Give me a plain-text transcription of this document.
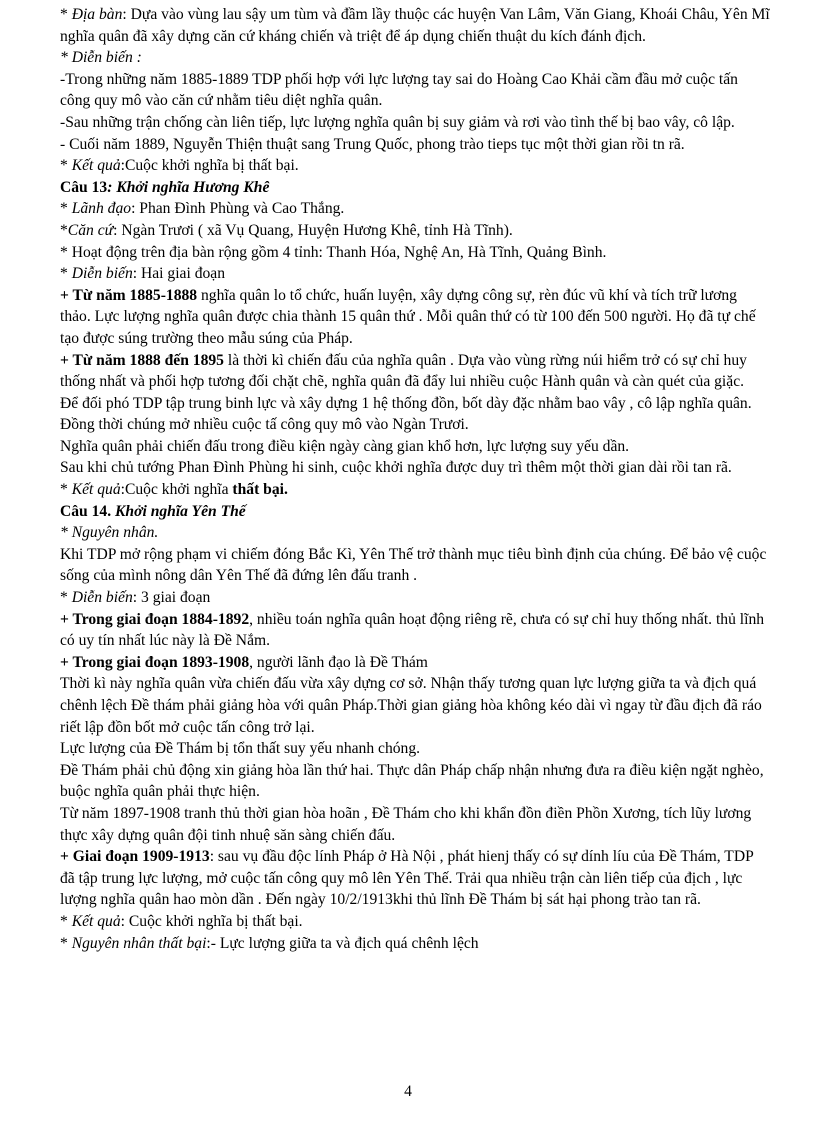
* Địa bàn: Dựa vào vùng lau sậy um tùm và đầm lầy thuộc các huyện Van Lâm, Văn Giang, Khoái Châu, Yên Mĩ nghĩa quân đã xây dựng căn cứ kháng chiến và triệt để áp dụng chiến thuật du kích đánh địch.

* Diễn biến :

-Trong những năm 1885-1889 TDP phối hợp với lực lượng tay sai do Hoàng Cao Khải cầm đầu mở cuộc tấn công quy mô vào căn cứ nhằm tiêu diệt nghĩa quân.

-Sau những trận chống càn liên tiếp, lực lượng nghĩa quân bị suy giảm và rơi vào tình thế bị bao vây, cô lập.

- Cuối năm 1889, Nguyễn Thiện thuật sang Trung Quốc, phong trào tieps tục một thời gian rồi tn rã.

* Kết quả:Cuộc khởi nghĩa bị thất bại.

Câu 13: Khởi nghĩa Hương Khê

* Lãnh đạo: Phan Đình Phùng và Cao Thắng.

*Căn cứ: Ngàn Trươi ( xã Vụ Quang, Huyện Hương Khê, tỉnh Hà Tĩnh).

* Hoạt động trên địa bàn rộng gồm 4 tỉnh: Thanh Hóa, Nghệ An, Hà Tĩnh, Quảng Bình.

* Diễn biến: Hai giai đoạn

+ Từ năm 1885-1888 nghĩa quân lo tổ chức, huấn luyện, xây dựng công sự, rèn đúc vũ khí và tích trữ lương thảo. Lực lượng nghĩa quân được chia thành 15 quân thứ . Mỗi quân thứ có từ 100 đến 500 người. Họ đã tự chế tạo được súng trường theo mẫu súng của Pháp.

+ Từ năm 1888 đến 1895 là thời kì chiến đấu của nghĩa quân . Dựa vào vùng rừng núi hiểm trở có sự chỉ huy thống nhất và phối hợp tương đối chặt chẽ, nghĩa quân đã đẩy lui nhiều cuộc Hành quân và càn quét của giặc.

Để đối phó TDP tập trung binh lực và xây dựng 1 hệ thống đồn, bốt dày đặc nhằm bao vây , cô lập nghĩa quân. Đồng thời chúng mở nhiều cuộc tấ công quy mô vào Ngàn Trươi.

Nghĩa quân phải chiến đấu trong điều kiện ngày càng gian khổ hơn, lực lượng suy yếu dần.

Sau khi chủ tướng Phan Đình Phùng hi sinh, cuộc khởi nghĩa được duy trì thêm một thời gian dài rồi tan rã.

* Kết quả:Cuộc khởi nghĩa thất bại.

Câu 14. Khởi nghĩa Yên Thế

* Nguyên nhân.

Khi TDP mở rộng phạm vi chiếm đóng Bắc Kì, Yên Thế trở thành mục tiêu bình định của chúng. Để bảo vệ cuộc sống của mình nông dân Yên Thế đã đứng lên đấu tranh .

* Diễn biến: 3 giai đoạn

+ Trong giai đoạn 1884-1892, nhiều toán nghĩa quân hoạt động riêng rẽ, chưa có sự chỉ huy thống nhất. thủ lĩnh có uy tín nhất lúc này là Đề Nắm.

+ Trong giai đoạn 1893-1908, người lãnh đạo là Đề Thám

Thời kì này nghĩa quân vừa chiến đấu vừa xây dựng cơ sở. Nhận thấy tương quan lực lượng giữa ta và địch quá chênh lệch Đề thám phải giảng hòa với quân Pháp.Thời gian giảng hòa không kéo dài vì ngay từ đầu địch đã ráo riết lập đồn bốt mở cuộc tấn công trở lại.

Lực lượng của Đề Thám bị tổn thất suy yếu nhanh chóng.

Đề Thám phải chủ động xin giảng hòa lần thứ hai. Thực dân Pháp chấp nhận nhưng đưa ra điều kiện ngặt nghèo, buộc nghĩa quân phải thực hiện.

Từ năm 1897-1908 tranh thủ thời gian hòa hoãn , Đề Thám cho khi khẩn đồn điền Phồn Xương, tích lũy lương thực xây dựng quân đội tinh nhuệ săn sàng chiến đấu.

+ Giai đoạn 1909-1913: sau vụ đầu độc lính Pháp ở Hà Nội , phát hienj thấy có sự dính líu của Đề Thám, TDP đã tập trung lực lượng, mở cuộc tấn công quy mô lên Yên Thế. Trải qua nhiều trận càn liên tiếp của địch , lực lượng nghĩa quân hao mòn dần . Đến ngày 10/2/1913khi thủ lĩnh Đề Thám bị sát hại phong trào tan rã.

* Kết quả: Cuộc khởi nghĩa bị thất bại.

* Nguyên nhân thất bại:- Lực lượng giữa ta và địch quá chênh lệch

4
